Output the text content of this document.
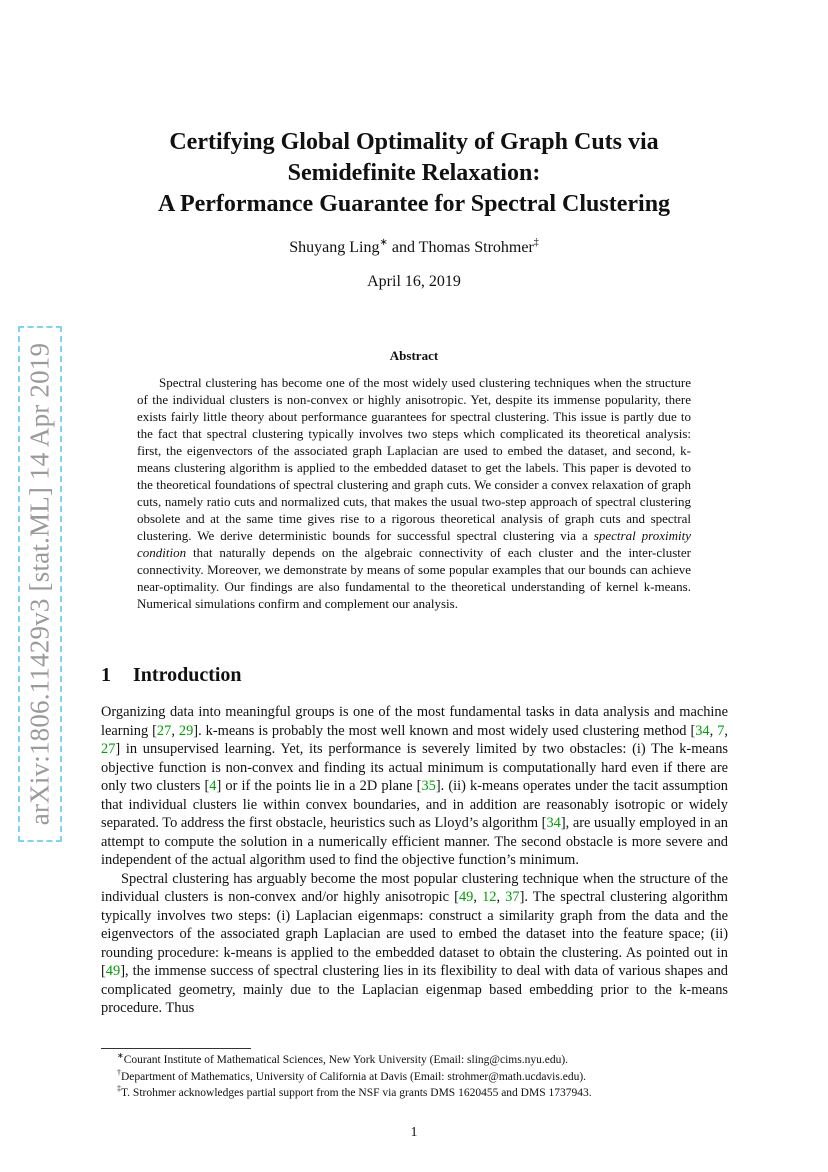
arXiv:1806.11429v3 [stat.ML] 14 Apr 2019
Certifying Global Optimality of Graph Cuts via
Semidefinite Relaxation:
A Performance Guarantee for Spectral Clustering
Shuyang Ling∗ and Thomas Strohmer‡
April 16, 2019
Abstract
Spectral clustering has become one of the most widely used clustering techniques when the structure of the individual clusters is non-convex or highly anisotropic. Yet, despite its immense popularity, there exists fairly little theory about performance guarantees for spectral clustering. This issue is partly due to the fact that spectral clustering typically involves two steps which complicated its theoretical analysis: first, the eigenvectors of the associated graph Laplacian are used to embed the dataset, and second, k-means clustering algorithm is applied to the embedded dataset to get the labels. This paper is devoted to the theoretical foundations of spectral clustering and graph cuts. We consider a convex relaxation of graph cuts, namely ratio cuts and normalized cuts, that makes the usual two-step approach of spectral clustering obsolete and at the same time gives rise to a rigorous theoretical analysis of graph cuts and spectral clustering. We derive deterministic bounds for successful spectral clustering via a spectral proximity condition that naturally depends on the algebraic connectivity of each cluster and the inter-cluster connectivity. Moreover, we demonstrate by means of some popular examples that our bounds can achieve near-optimality. Our findings are also fundamental to the theoretical understanding of kernel k-means. Numerical simulations confirm and complement our analysis.
1 Introduction

Organizing data into meaningful groups is one of the most fundamental tasks in data analysis and machine learning [27, 29]. k-means is probably the most well known and most widely used clustering method [34, 7, 27] in unsupervised learning. Yet, its performance is severely limited by two obstacles: (i) The k-means objective function is non-convex and finding its actual minimum is computationally hard even if there are only two clusters [4] or if the points lie in a 2D plane [35]. (ii) k-means operates under the tacit assumption that individual clusters lie within convex boundaries, and in addition are reasonably isotropic or widely separated. To address the first obstacle, heuristics such as Lloyd’s algorithm [34], are usually employed in an attempt to compute the solution in a numerically efficient manner. The second obstacle is more severe and independent of the actual algorithm used to find the objective function’s minimum.

Spectral clustering has arguably become the most popular clustering technique when the structure of the individual clusters is non-convex and/or highly anisotropic [49, 12, 37]. The spectral clustering algorithm typically involves two steps: (i) Laplacian eigenmaps: construct a similarity graph from the data and the eigenvectors of the associated graph Laplacian are used to embed the dataset into the feature space; (ii) rounding procedure: k-means is applied to the embedded dataset to obtain the clustering. As pointed out in [49], the immense success of spectral clustering lies in its flexibility to deal with data of various shapes and complicated geometry, mainly due to the Laplacian eigenmap based embedding prior to the k-means procedure. Thus

∗Courant Institute of Mathematical Sciences, New York University (Email: sling@cims.nyu.edu).
†Department of Mathematics, University of California at Davis (Email: strohmer@math.ucdavis.edu).
‡T. Strohmer acknowledges partial support from the NSF via grants DMS 1620455 and DMS 1737943.
1
